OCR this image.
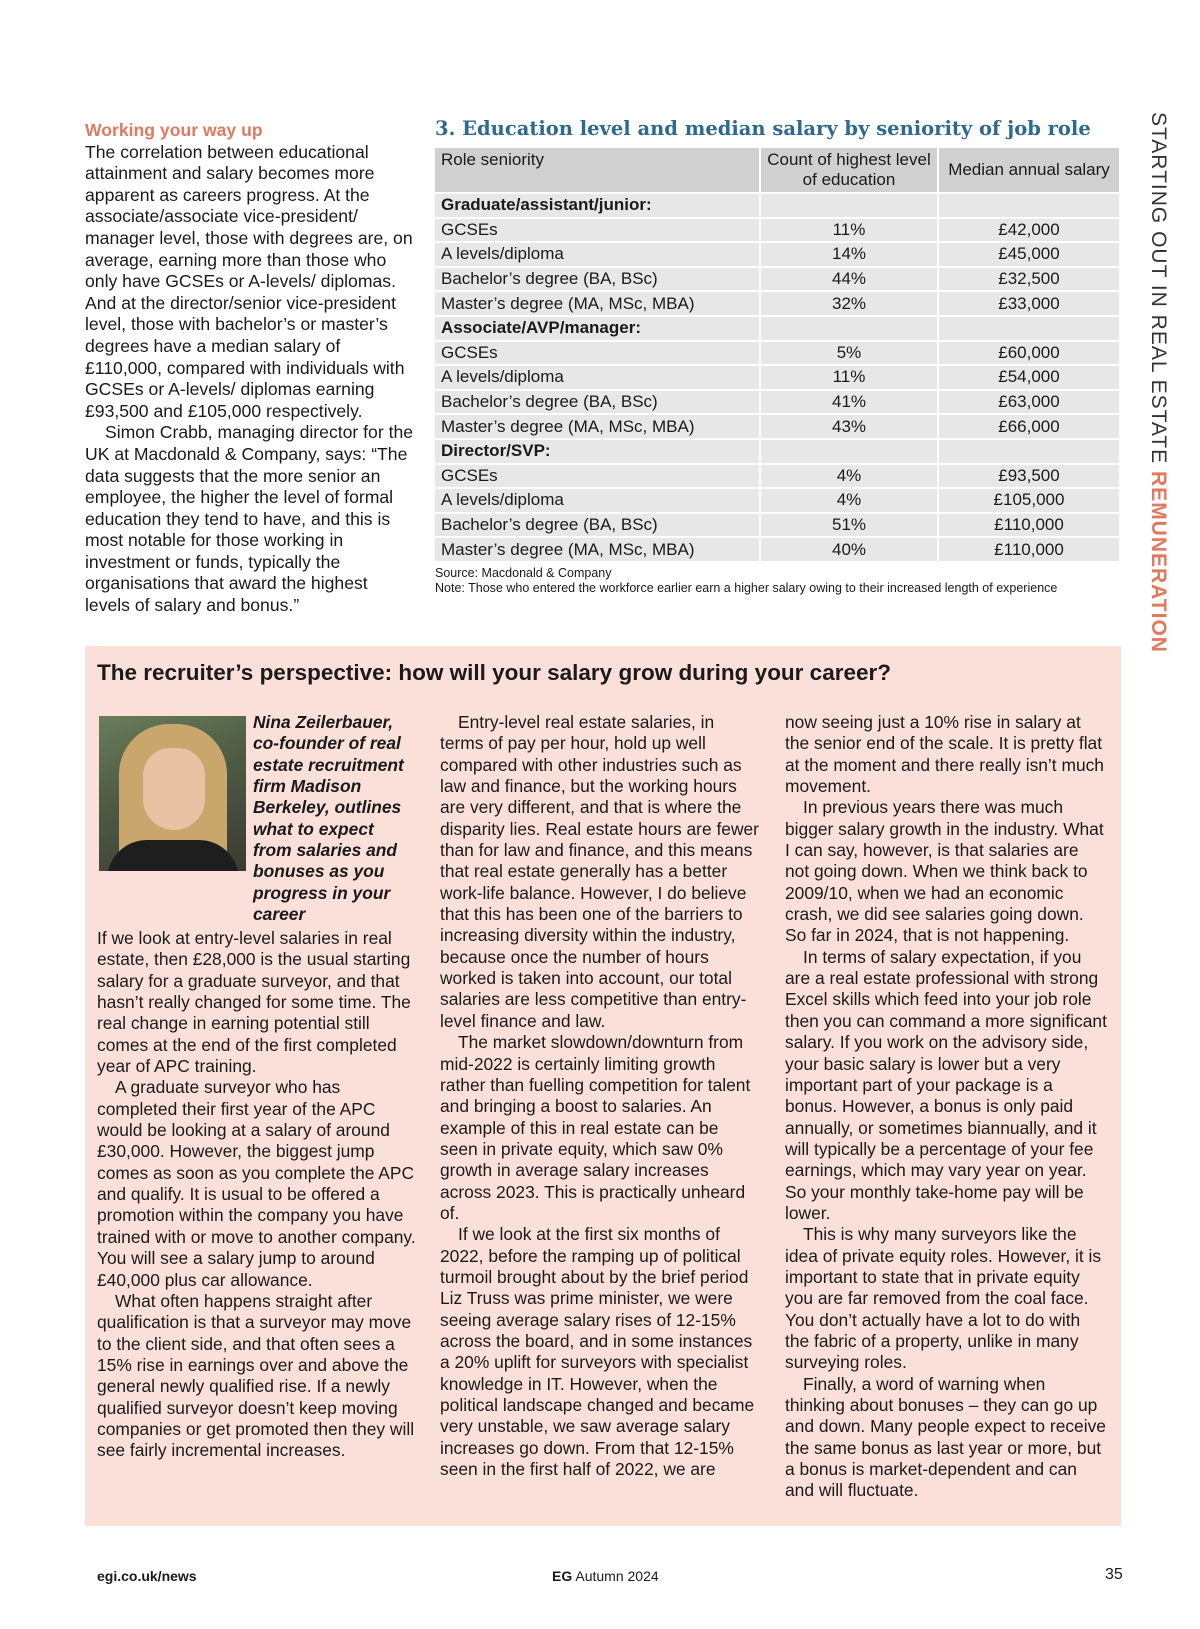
Working your way up
The correlation between educational attainment and salary becomes more apparent as careers progress. At the associate/associate vice-president/ manager level, those with degrees are, on average, earning more than those who only have GCSEs or A-levels/ diplomas. And at the director/senior vice-president level, those with bachelor’s or master’s degrees have a median salary of £110,000, compared with individuals with GCSEs or A-levels/ diplomas earning £93,500 and £105,000 respectively.

Simon Crabb, managing director for the UK at Macdonald & Company, says: “The data suggests that the more senior an employee, the higher the level of formal education they tend to have, and this is most notable for those working in investment or funds, typically the organisations that award the highest levels of salary and bonus.”

3. Education level and median salary by seniority of job role
Role seniority	Count of highest level of education	Median annual salary
Graduate/assistant/junior:		
GCSEs	11%	£42,000
A levels/diploma	14%	£45,000
Bachelor’s degree (BA, BSc)	44%	£32,500
Master’s degree (MA, MSc, MBA)	32%	£33,000
Associate/AVP/manager:		
GCSEs	5%	£60,000
A levels/diploma	11%	£54,000
Bachelor’s degree (BA, BSc)	41%	£63,000
Master’s degree (MA, MSc, MBA)	43%	£66,000
Director/SVP:		
GCSEs	4%	£93,500
A levels/diploma	4%	£105,000
Bachelor’s degree (BA, BSc)	51%	£110,000
Master’s degree (MA, MSc, MBA)	40%	£110,000
Source: Macdonald & Company
Note: Those who entered the workforce earlier earn a higher salary owing to their increased length of experience
STARTING OUT IN REAL ESTATE REMUNERATION
The recruiter’s perspective: how will your salary grow during your career?
Nina Zeilerbauer, co-founder of real estate recruitment firm Madison Berkeley, outlines what to expect from salaries and bonuses as you progress in your career

If we look at entry-level salaries in real estate, then £28,000 is the usual starting salary for a graduate surveyor, and that hasn’t really changed for some time. The real change in earning potential still comes at the end of the first completed year of APC training.

A graduate surveyor who has completed their first year of the APC would be looking at a salary of around £30,000. However, the biggest jump comes as soon as you complete the APC and qualify. It is usual to be offered a promotion within the company you have trained with or move to another company. You will see a salary jump to around £40,000 plus car allowance.

What often happens straight after qualification is that a surveyor may move to the client side, and that often sees a 15% rise in earnings over and above the general newly qualified rise. If a newly qualified surveyor doesn’t keep moving companies or get promoted then they will see fairly incremental increases.

Entry-level real estate salaries, in terms of pay per hour, hold up well compared with other industries such as law and finance, but the working hours are very different, and that is where the disparity lies. Real estate hours are fewer than for law and finance, and this means that real estate generally has a better work-life balance. However, I do believe that this has been one of the barriers to increasing diversity within the industry, because once the number of hours worked is taken into account, our total salaries are less competitive than entry-level finance and law.

The market slowdown/downturn from mid-2022 is certainly limiting growth rather than fuelling competition for talent and bringing a boost to salaries. An example of this in real estate can be seen in private equity, which saw 0% growth in average salary increases across 2023. This is practically unheard of.

If we look at the first six months of 2022, before the ramping up of political turmoil brought about by the brief period Liz Truss was prime minister, we were seeing average salary rises of 12-15% across the board, and in some instances a 20% uplift for surveyors with specialist knowledge in IT. However, when the political landscape changed and became very unstable, we saw average salary increases go down. From that 12-15% seen in the first half of 2022, we are

now seeing just a 10% rise in salary at the senior end of the scale. It is pretty flat at the moment and there really isn’t much movement.

In previous years there was much bigger salary growth in the industry. What I can say, however, is that salaries are not going down. When we think back to 2009/10, when we had an economic crash, we did see salaries going down. So far in 2024, that is not happening.

In terms of salary expectation, if you are a real estate professional with strong Excel skills which feed into your job role then you can command a more significant salary. If you work on the advisory side, your basic salary is lower but a very important part of your package is a bonus. However, a bonus is only paid annually, or sometimes biannually, and it will typically be a percentage of your fee earnings, which may vary year on year. So your monthly take-home pay will be lower.

This is why many surveyors like the idea of private equity roles. However, it is important to state that in private equity you are far removed from the coal face. You don’t actually have a lot to do with the fabric of a property, unlike in many surveying roles.

Finally, a word of warning when thinking about bonuses – they can go up and down. Many people expect to receive the same bonus as last year or more, but a bonus is market-dependent and can and will fluctuate.

egi.co.uk/news	EG Autumn 2024	35
